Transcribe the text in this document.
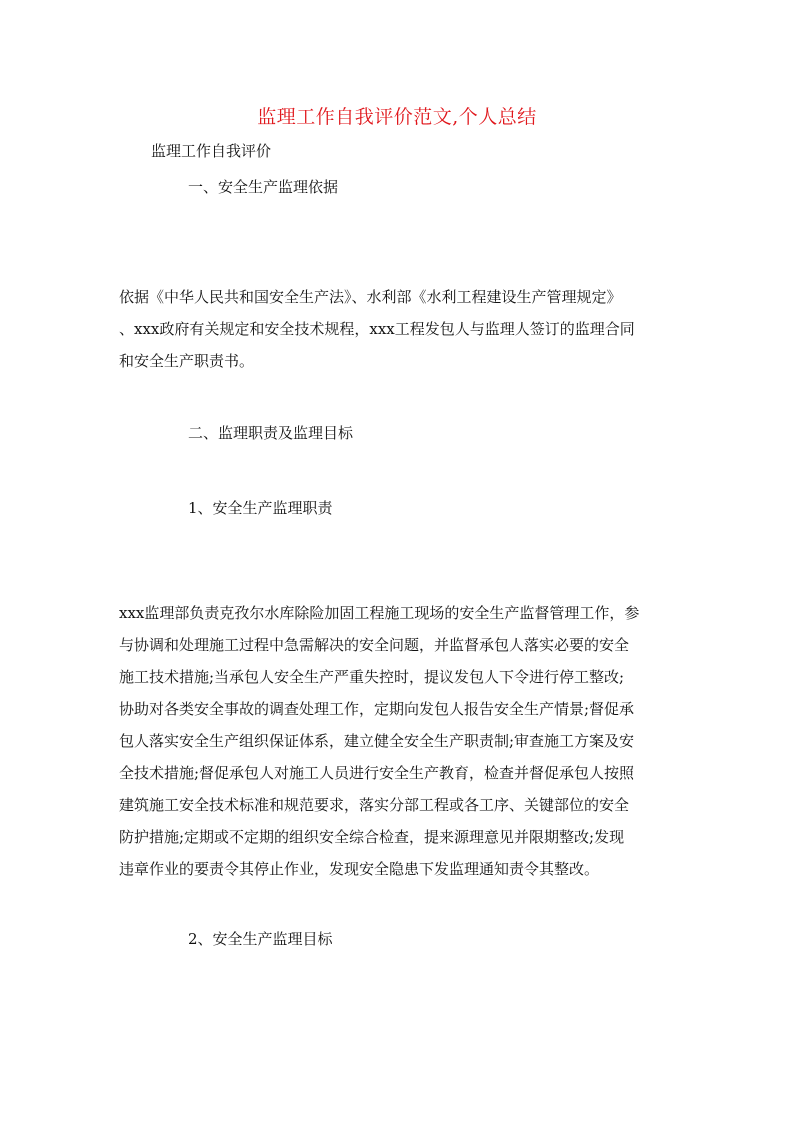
监理工作自我评价范文,个人总结
监理工作自我评价
一、安全生产监理依据
依据《中华人民共和国安全生产法》、水利部《水利工程建设生产管理规定》
、xxx政府有关规定和安全技术规程，xxx工程发包人与监理人签订的监理合同
和安全生产职责书。
二、监理职责及监理目标
1、安全生产监理职责
xxx监理部负责克孜尔水库除险加固工程施工现场的安全生产监督管理工作，参
与协调和处理施工过程中急需解决的安全问题，并监督承包人落实必要的安全
施工技术措施;当承包人安全生产严重失控时，提议发包人下令进行停工整改;
协助对各类安全事故的调查处理工作，定期向发包人报告安全生产情景;督促承
包人落实安全生产组织保证体系，建立健全安全生产职责制;审查施工方案及安
全技术措施;督促承包人对施工人员进行安全生产教育，检查并督促承包人按照
建筑施工安全技术标准和规范要求，落实分部工程或各工序、关键部位的安全
防护措施;定期或不定期的组织安全综合检查，提来源理意见并限期整改;发现
违章作业的要责令其停止作业，发现安全隐患下发监理通知责令其整改。
2、安全生产监理目标
